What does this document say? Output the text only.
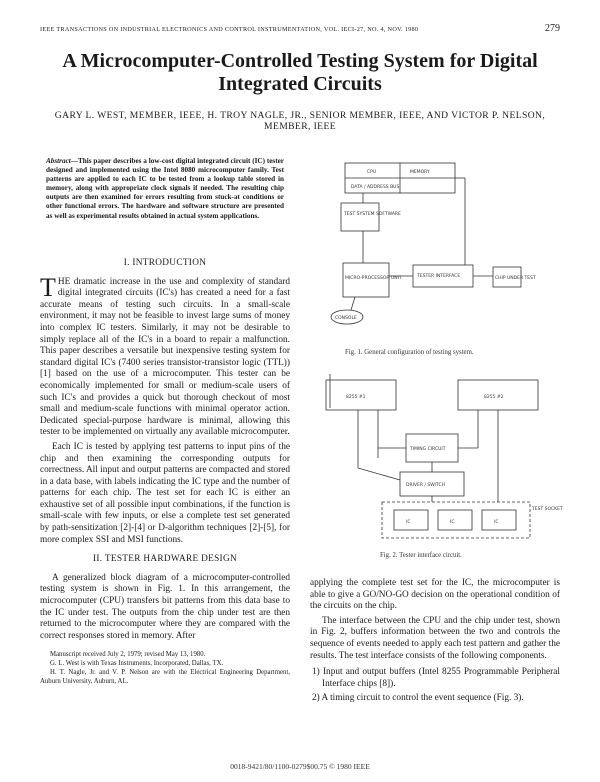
IEEE TRANSACTIONS ON INDUSTRIAL ELECTRONICS AND CONTROL INSTRUMENTATION, VOL. IECI-27, NO. 4, NOV. 1980	279
A Microcomputer-Controlled Testing System for Digital Integrated Circuits
GARY L. WEST, MEMBER, IEEE, H. TROY NAGLE, JR., SENIOR MEMBER, IEEE, AND VICTOR P. NELSON, MEMBER, IEEE
Abstract—This paper describes a low-cost digital integrated circuit (IC) tester designed and implemented using the Intel 8080 microcomputer family. Test patterns are applied to each IC to be tested from a lookup table stored in memory, along with appropriate clock signals if needed. The resulting chip outputs are then examined for errors resulting from stuck-at conditions or other functional errors. The hardware and software structure are presented as well as experimental results obtained in actual system applications.
I. INTRODUCTION

THE dramatic increase in the use and complexity of standard digital integrated circuits (IC's) has created a need for a fast accurate means of testing such circuits. In a small-scale environment, it may not be feasible to invest large sums of money into complex IC testers. Similarly, it may not be desirable to simply replace all of the IC's in a board to repair a malfunction. This paper describes a versatile but inexpensive testing system for standard digital IC's (7400 series transistor-transistor logic (TTL)) [1] based on the use of a microcomputer. This tester can be economically implemented for small or medium-scale users of such IC's and provides a quick but thorough checkout of most small and medium-scale functions with minimal operator action. Dedicated special-purpose hardware is minimal, allowing this tester to be implemented on virtually any available microcomputer.

Each IC is tested by applying test patterns to input pins of the chip and then examining the corresponding outputs for correctness. All input and output patterns are compacted and stored in a data base, with labels indicating the IC type and the number of patterns for each chip. The test set for each IC is either an exhaustive set of all possible input combinations, if the function is small-scale with few inputs, or else a complete test set generated by path-sensitization [2]-[4] or D-algorithm techniques [2]-[5], for more complex SSI and MSI functions.

II. TESTER HARDWARE DESIGN

A generalized block diagram of a microcomputer-controlled testing system is shown in Fig. 1. In this arrangement, the microcomputer (CPU) transfers bit patterns from this data base to the IC under test. The outputs from the chip under test are then returned to the microcomputer where they are compared with the correct responses stored in memory. After

Manuscript received July 2, 1979; revised May 13, 1980.
G. L. West is with Texas Instruments, Incorporated, Dallas, TX.
H. T. Nagle, Jr. and V. P. Nelson are with the Electrical Engineering Department, Auburn University, Auburn, AL.
CPU	MEMORY
DATA / ADDRESS BUS
TEST SYSTEM SOFTWARE
MICRO-PROCESSOR UNIT	TESTER INTERFACE	CHIP UNDER TEST
CONSOLE
Fig. 1. General configuration of testing system.
8255 #1	8255 #2
TIMING CIRCUIT
DRIVER / SWITCH
TEST SOCKET
IC	IC	IC
Fig. 2. Tester interface circuit.

applying the complete test set for the IC, the microcomputer is able to give a GO/NO-GO decision on the operational condition of the circuits on the chip.

The interface between the CPU and the chip under test, shown in Fig. 2, buffers information between the two and controls the sequence of events needed to apply each test pattern and gather the results. The test interface consists of the following components.

1) Input and output buffers (Intel 8255 Programmable Peripheral Interface chips [8]).
2) A timing circuit to control the event sequence (Fig. 3).
0018-9421/80/1100-0279$00.75 © 1980 IEEE
